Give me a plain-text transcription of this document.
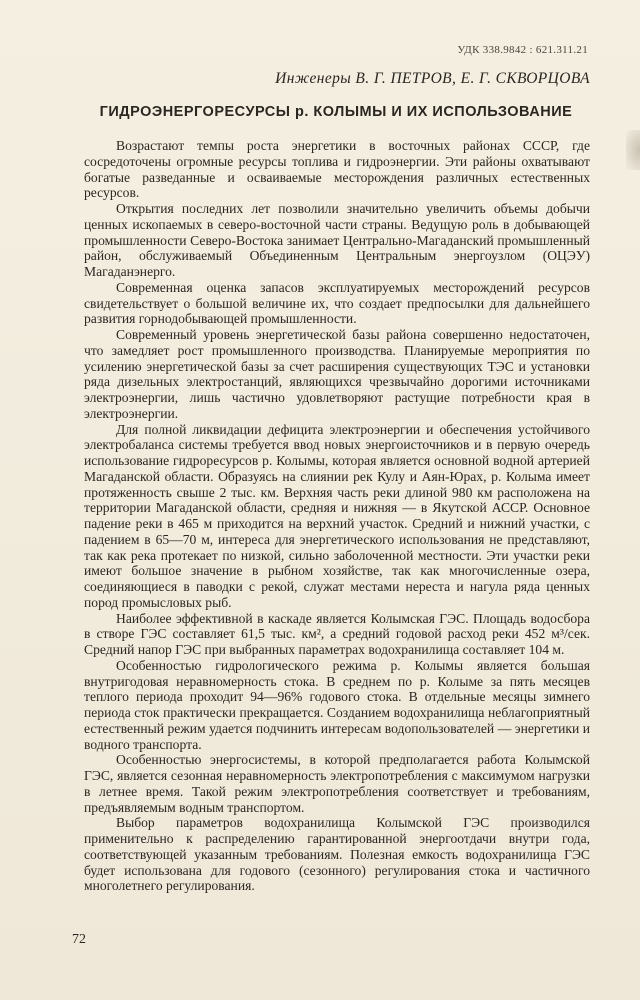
УДК 338.9842 : 621.311.21
Инженеры В. Г. ПЕТРОВ, Е. Г. СКВОРЦОВА
ГИДРОЭНЕРГОРЕСУРСЫ р. КОЛЫМЫ И ИХ ИСПОЛЬЗОВАНИЕ

Возрастают темпы роста энергетики в восточных районах СССР, где сосредоточены огромные ресурсы топлива и гидроэнергии. Эти районы охватывают богатые разведанные и осваиваемые месторождения различных естественных ресурсов.

Открытия последних лет позволили значительно увеличить объемы добычи ценных ископаемых в северо-восточной части страны. Ведущую роль в добывающей промышленности Северо-Востока занимает Центрально-Магаданский промышленный район, обслуживаемый Объединенным Центральным энергоузлом (ОЦЭУ) Магаданэнерго.

Современная оценка запасов эксплуатируемых месторождений ресурсов свидетельствует о большой величине их, что создает предпосылки для дальнейшего развития горнодобывающей промышленности.

Современный уровень энергетической базы района совершенно недостаточен, что замедляет рост промышленного производства. Планируемые мероприятия по усилению энергетической базы за счет расширения существующих ТЭС и установки ряда дизельных электростанций, являющихся чрезвычайно дорогими источниками электроэнергии, лишь частично удовлетворяют растущие потребности края в электроэнергии.

Для полной ликвидации дефицита электроэнергии и обеспечения устойчивого электробаланса системы требуется ввод новых энергоисточников и в первую очередь использование гидроресурсов р. Колымы, которая является основной водной артерией Магаданской области. Образуясь на слиянии рек Кулу и Аян-Юрах, р. Колыма имеет протяженность свыше 2 тыс. км. Верхняя часть реки длиной 980 км расположена на территории Магаданской области, средняя и нижняя — в Якутской АССР. Основное падение реки в 465 м приходится на верхний участок. Средний и нижний участки, с падением в 65—70 м, интереса для энергетического использования не представляют, так как река протекает по низкой, сильно заболоченной местности. Эти участки реки имеют большое значение в рыбном хозяйстве, так как многочисленные озера, соединяющиеся в паводки с рекой, служат местами нереста и нагула ряда ценных пород промысловых рыб.

Наиболее эффективной в каскаде является Колымская ГЭС. Площадь водосбора в створе ГЭС составляет 61,5 тыс. км², а средний годовой расход реки 452 м³/сек. Средний напор ГЭС при выбранных параметрах водохранилища составляет 104 м.

Особенностью гидрологического режима р. Колымы является большая внутригодовая неравномерность стока. В среднем по р. Колыме за пять месяцев теплого периода проходит 94—96% годового стока. В отдельные месяцы зимнего периода сток практически прекращается. Созданием водохранилища неблагоприятный естественный режим удается подчинить интересам водопользователей — энергетики и водного транспорта.

Особенностью энергосистемы, в которой предполагается работа Колымской ГЭС, является сезонная неравномерность электропотребления с максимумом нагрузки в летнее время. Такой режим электропотребления соответствует и требованиям, предъявляемым водным транспортом.

Выбор параметров водохранилища Колымской ГЭС производился применительно к распределению гарантированной энергоотдачи внутри года, соответствующей указанным требованиям. Полезная емкость водохранилища ГЭС будет использована для годового (сезонного) регулирования стока и частичного многолетнего регулирования.

72
